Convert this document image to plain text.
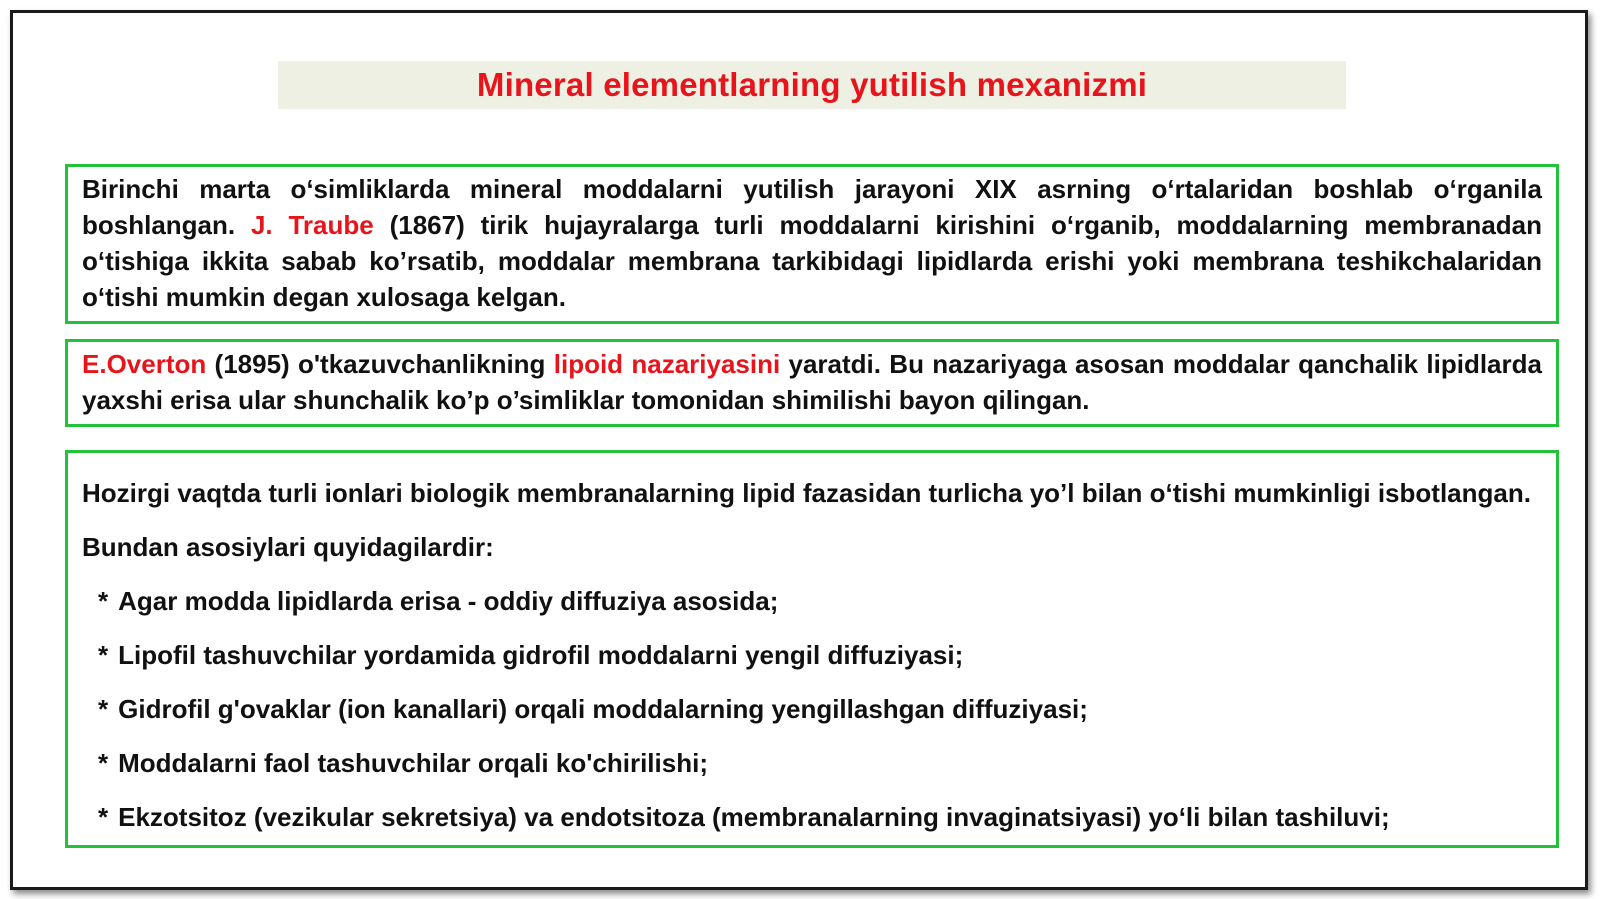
Mineral elementlarning yutilish mexanizmi
Birinchi marta o‘simliklarda mineral moddalarni yutilish jarayoni XIX asrning o‘rtalaridan boshlab o‘rganila boshlangan. J. Traube (1867) tirik hujayralarga turli moddalarni kirishini o‘rganib, moddalarning membranadan o‘tishiga ikkita sabab ko’rsatib, moddalar membrana tarkibidagi lipidlarda erishi yoki membrana teshikchalaridan o‘tishi mumkin degan xulosaga kelgan.
E.Overton (1895) o'tkazuvchanlikning lipoid nazariyasini yaratdi. Bu nazariyaga asosan moddalar qanchalik lipidlarda yaxshi erisa ular shunchalik ko’p o’simliklar tomonidan shimilishi bayon qilingan.

Hozirgi vaqtda turli ionlari biologik membranalarning lipid fazasidan turlicha yo’l bilan o‘tishi mumkinligi isbotlangan.

Bundan asosiylari quyidagilardir:

* Agar modda lipidlarda erisa - oddiy diffuziya asosida;
* Lipofil tashuvchilar yordamida gidrofil moddalarni yengil diffuziyasi;
* Gidrofil g'ovaklar (ion kanallari) orqali moddalarning yengillashgan diffuziyasi;
* Moddalarni faol tashuvchilar orqali ko'chirilishi;
* Ekzotsitoz (vezikular sekretsiya) va endotsitoza (membranalarning invaginatsiyasi) yo‘li bilan tashiluvi;
